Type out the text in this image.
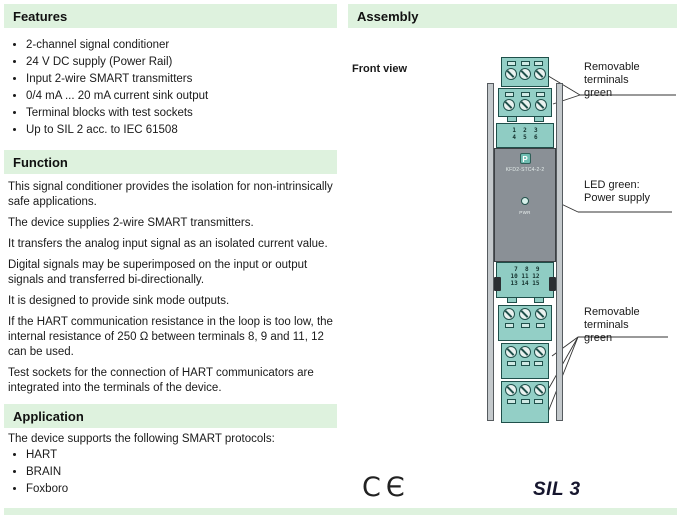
Features
• 2-channel signal conditioner
• 24 V DC supply (Power Rail)
• Input 2-wire SMART transmitters
• 0/4 mA ... 20 mA current sink output
• Terminal blocks with test sockets
• Up to SIL 2 acc. to IEC 61508
Function

This signal conditioner provides the isolation for non-intrinsically safe applications.

The device supplies 2-wire SMART transmitters.

It transfers the analog input signal as an isolated current value.

Digital signals may be superimposed on the input or output signals and transferred bi-directionally.

It is designed to provide sink mode outputs.

If the HART communication resistance in the loop is too low, the internal resistance of 250 Ω between terminals 8, 9 and 11, 12 can be used.

Test sockets for the connection of HART communicators are integrated into the terminals of the device.

Application

The device supports the following SMART protocols:

• HART
• BRAIN
• Foxboro
Assembly
Front view
1  2  3
4  5  6
P
KFD2-STC4-2-2
PWR
7  8  9
10 11 12
13 14 15
Removable terminals
green
LED green:
Power supply
Removable terminals
green
CЄ	SIL 3
